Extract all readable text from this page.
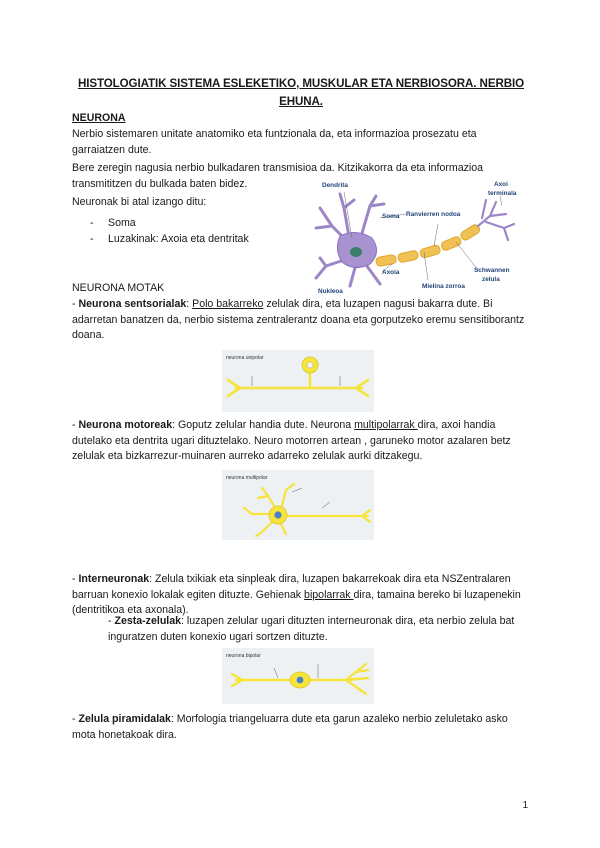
HISTOLOGIATIK SISTEMA ESLEKETIKO, MUSKULAR ETA NERBIOSORA. NERBIO
EHUNA.

NEURONA

Nerbio sistemaren unitate anatomiko eta funtzionala da, eta informazioa prosezatu eta garraiatzen dute.

Bere zeregin nagusia nerbio bulkadaren transmisioa da. Kitzikakorra da eta informazioa transmititzen du bulkada baten bidez.

Neuronak bi atal izango ditu:

- Soma
- Luzakinak: Axoia eta dentritak
Dendrita
Soma Ranvierren nodoa
Axoi
terminala
Axoia	Schwannen
zelula
Mielina zorroa
Nukleoa

NEURONA MOTAK

- Neurona sentsorialak: Polo bakarreko zelulak dira, eta luzapen nagusi bakarra dute. Bi adarretan banatzen da, nerbio sistema zentralerantz doana eta gorputzeko eremu sensitiborantz doana.

neurona unipolar

- Neurona motoreak: Goputz zelular handia dute. Neurona multipolarrak dira, axoi handia dutelako eta dentrita ugari dituztelako. Neuro motorren artean , garuneko motor azalaren betz zelulak eta bizkarrezur-muinaren aurreko adarreko zelulak aurki ditzakegu.

neurona multipolar

- Interneuronak: Zelula txikiak eta sinpleak dira, luzapen bakarrekoak dira eta NSZentralaren barruan konexio lokalak egiten dituzte. Gehienak bipolarrak dira, tamaina bereko bi luzapenekin (dentritikoa eta axonala).

- Zesta-zelulak: luzapen zelular ugari dituzten interneuronak dira, eta nerbio zelula bat inguratzen duten konexio ugari sortzen dituzte.

neurona bipolar

- Zelula piramidalak: Morfologia triangeluarra dute eta garun azaleko nerbio zeluletako asko mota honetakoak dira.

1
